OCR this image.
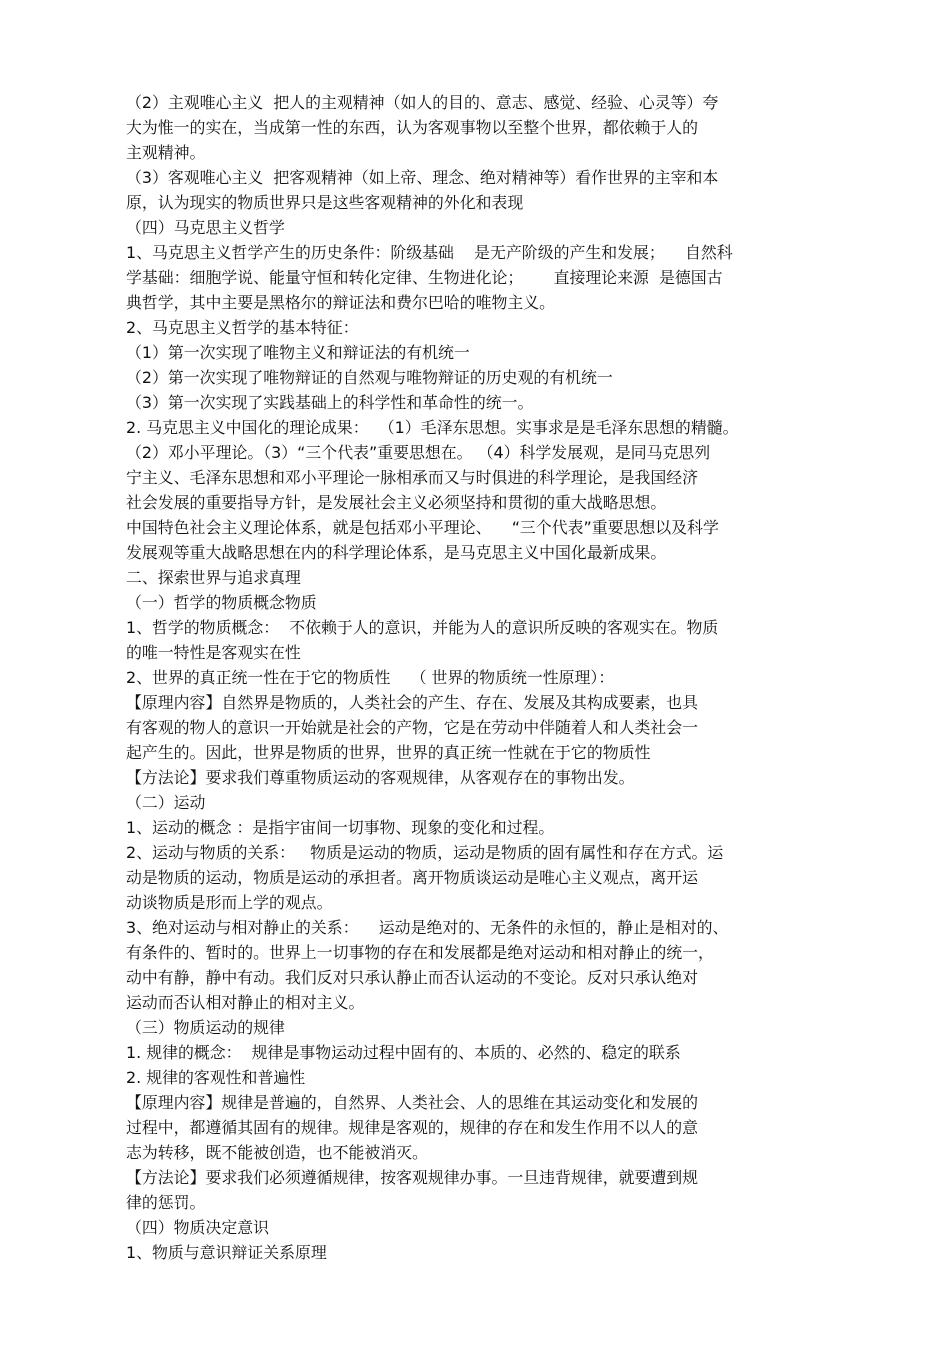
（2）主观唯心主义  把人的主观精神（如人的目的、意志、感觉、经验、心灵等）夸
大为惟一的实在，当成第一性的东西，认为客观事物以至整个世界，都依赖于人的
主观精神。
（3）客观唯心主义  把客观精神（如上帝、理念、绝对精神等）看作世界的主宰和本
原，认为现实的物质世界只是这些客观精神的外化和表现
（四）马克思主义哲学
1、马克思主义哲学产生的历史条件：阶级基础    是无产阶级的产生和发展；    自然科
学基础：细胞学说、能量守恒和转化定律、生物进化论；      直接理论来源  是德国古
典哲学，其中主要是黑格尔的辩证法和费尔巴哈的唯物主义。
2、马克思主义哲学的基本特征：
（1）第一次实现了唯物主义和辩证法的有机统一
（2）第一次实现了唯物辩证的自然观与唯物辩证的历史观的有机统一
（3）第一次实现了实践基础上的科学性和革命性的统一。
2. 马克思主义中国化的理论成果：  （1）毛泽东思想。实事求是是毛泽东思想的精髓。
（2）邓小平理论。（3）“三个代表”重要思想在。 （4）科学发展观，是同马克思列
宁主义、毛泽东思想和邓小平理论一脉相承而又与时俱进的科学理论，是我国经济
社会发展的重要指导方针，是发展社会主义必须坚持和贯彻的重大战略思想。
中国特色社会主义理论体系，就是包括邓小平理论、    “三个代表”重要思想以及科学
发展观等重大战略思想在内的科学理论体系，是马克思主义中国化最新成果。
二、探索世界与追求真理
（一）哲学的物质概念物质
1、哲学的物质概念：  不依赖于人的意识，并能为人的意识所反映的客观实在。物质
的唯一特性是客观实在性
2、世界的真正统一性在于它的物质性    （ 世界的物质统一性原理）：
【原理内容】自然界是物质的，人类社会的产生、存在、发展及其构成要素，也具
有客观的物人的意识一开始就是社会的产物，它是在劳动中伴随着人和人类社会一
起产生的。因此，世界是物质的世界，世界的真正统一性就在于它的物质性
【方法论】要求我们尊重物质运动的客观规律，从客观存在的事物出发。
（二）运动
1、运动的概念 ：是指宇宙间一切事物、现象的变化和过程。
2、运动与物质的关系：   物质是运动的物质，运动是物质的固有属性和存在方式。运
动是物质的运动，物质是运动的承担者。离开物质谈运动是唯心主义观点，离开运
动谈物质是形而上学的观点。
3、绝对运动与相对静止的关系：    运动是绝对的、无条件的永恒的，静止是相对的、
有条件的、暂时的。世界上一切事物的存在和发展都是绝对运动和相对静止的统一，
动中有静，静中有动。我们反对只承认静止而否认运动的不变论。反对只承认绝对
运动而否认相对静止的相对主义。
（三）物质运动的规律
1. 规律的概念：  规律是事物运动过程中固有的、本质的、必然的、稳定的联系
2. 规律的客观性和普遍性
【原理内容】规律是普遍的，自然界、人类社会、人的思维在其运动变化和发展的
过程中，都遵循其固有的规律。规律是客观的，规律的存在和发生作用不以人的意
志为转移，既不能被创造，也不能被消灭。
【方法论】要求我们必须遵循规律，按客观规律办事。一旦违背规律，就要遭到规
律的惩罚。
（四）物质决定意识
1、物质与意识辩证关系原理
